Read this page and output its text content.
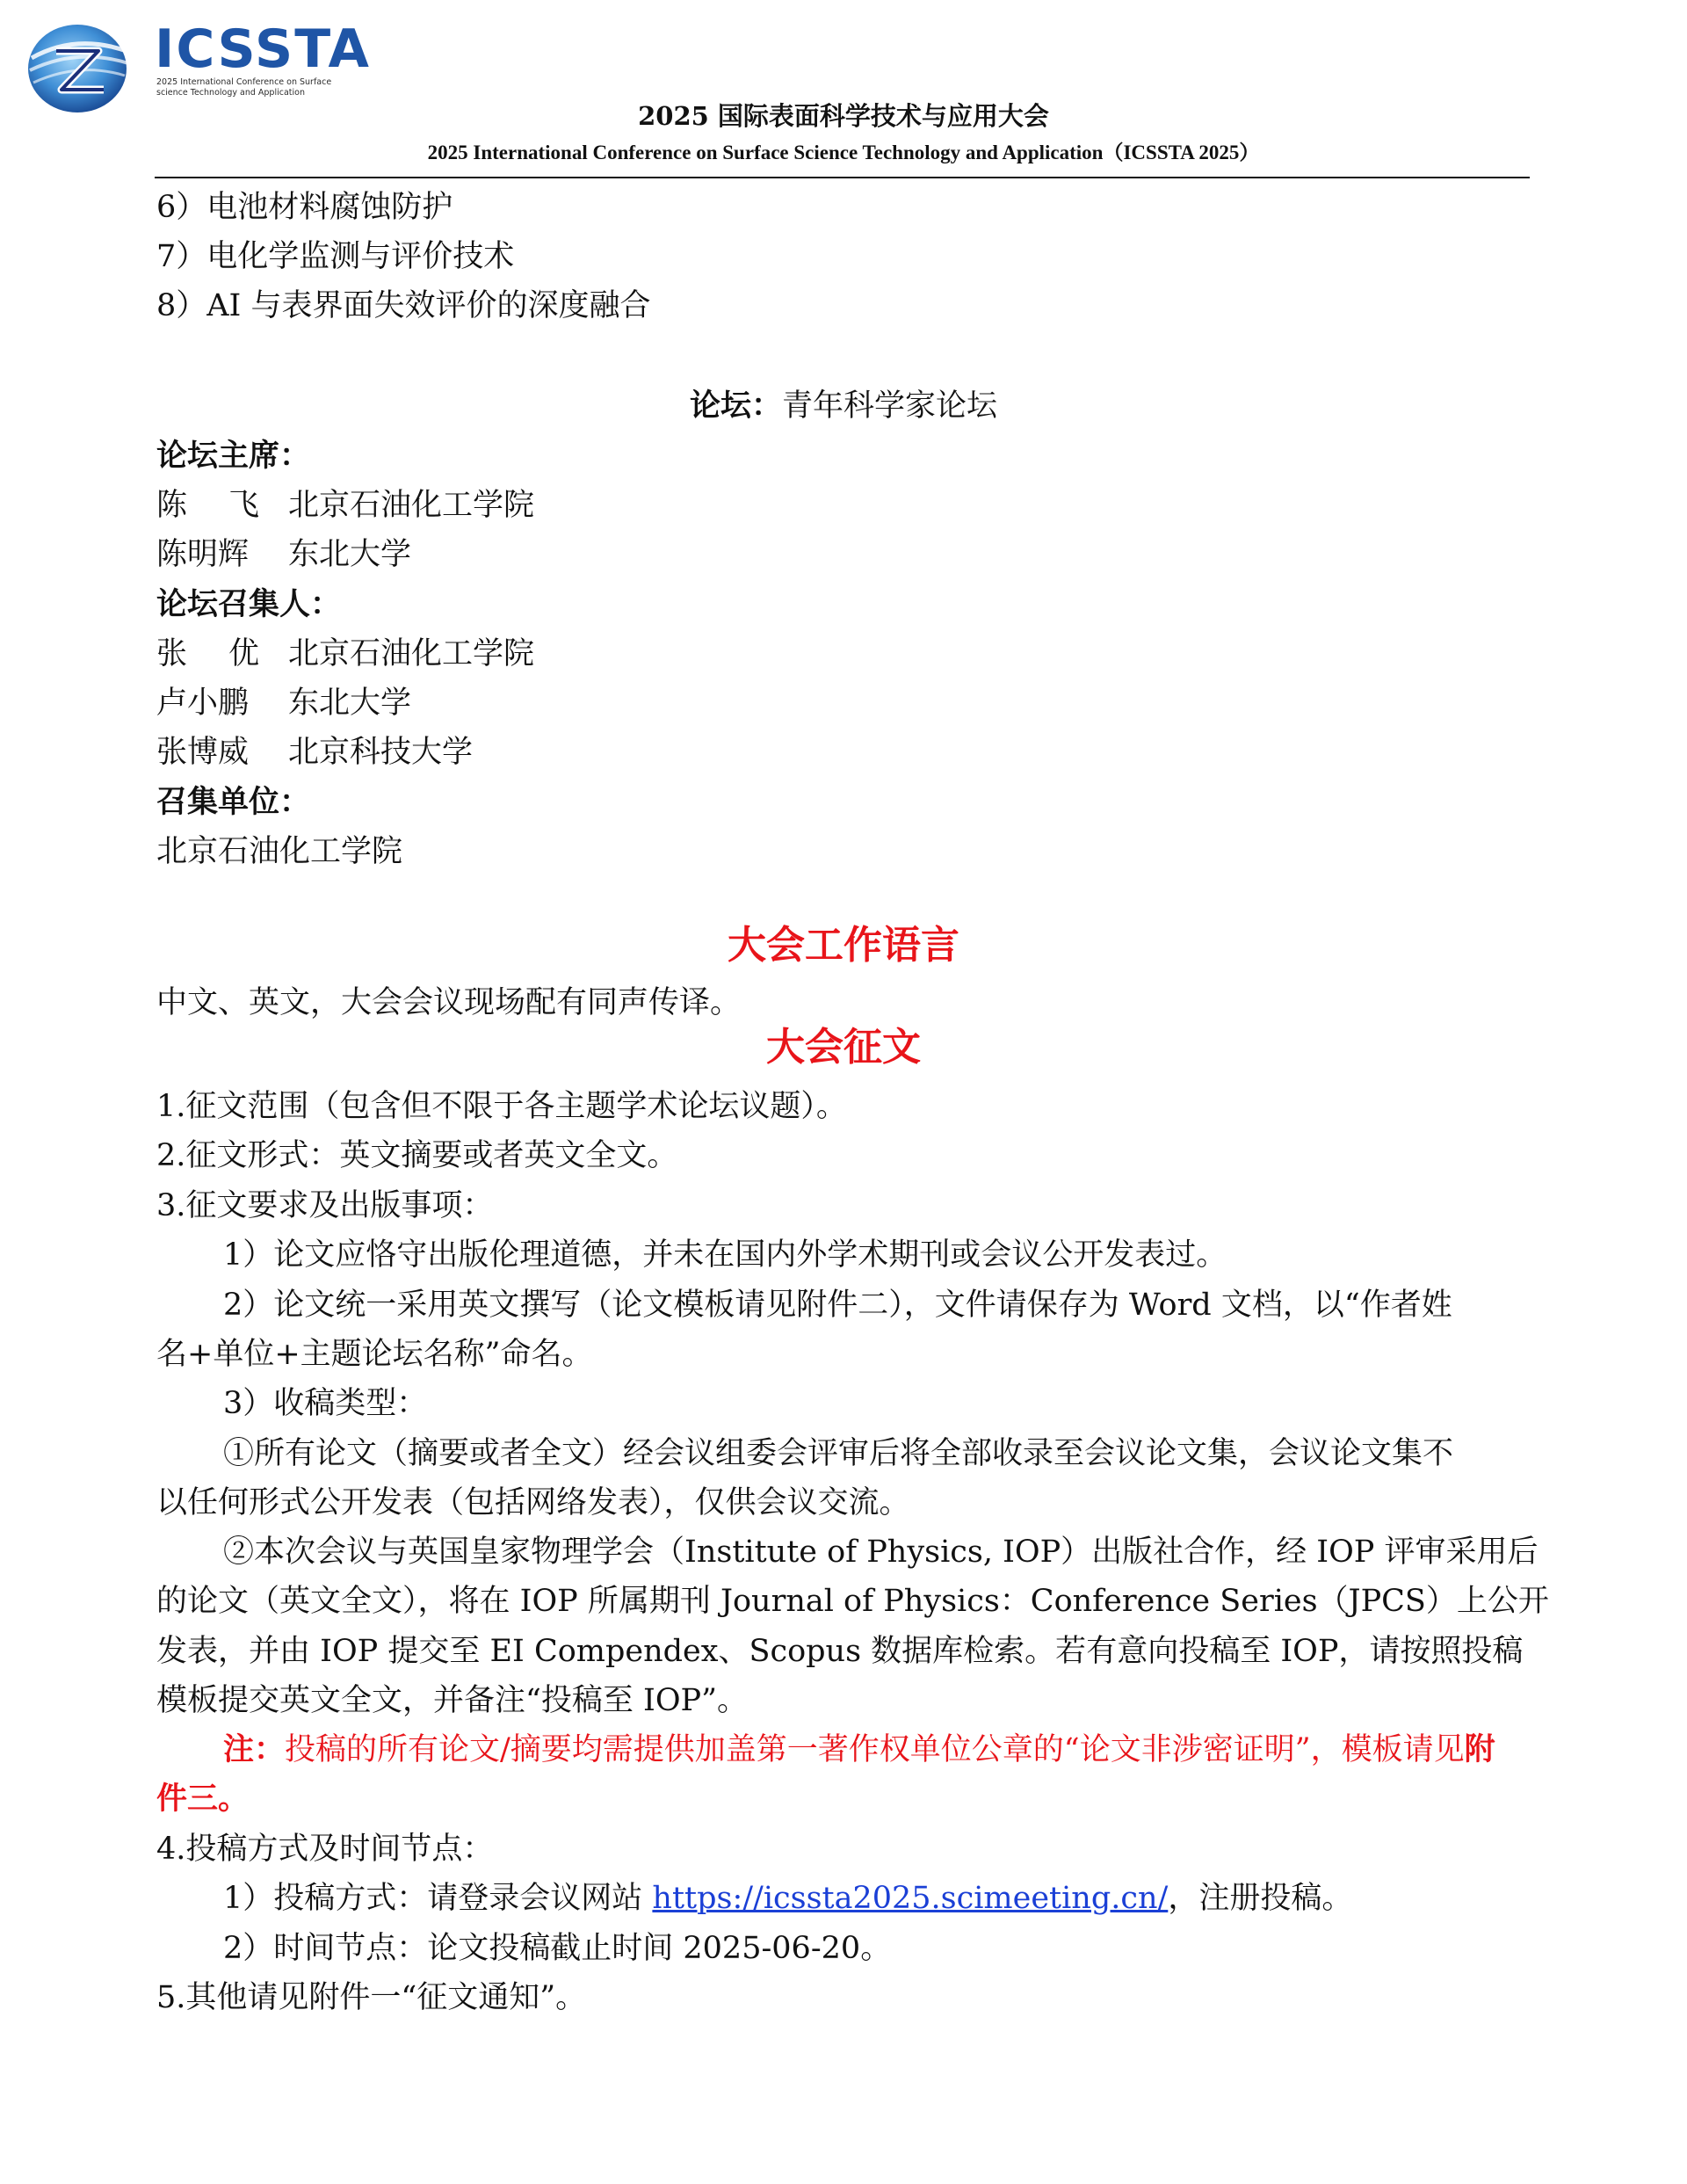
ICSSTA
2025 International Conference on Surface
science Technology and Application
2025 国际表面科学技术与应用大会
2025 International Conference on Surface Science Technology and Application（ICSSTA 2025）
6）电池材料腐蚀防护
7）电化学监测与评价技术
8）AI 与表界面失效评价的深度融合
论坛：青年科学家论坛
论坛主席：
陈 飞 北京石油化工学院
陈明辉 东北大学
论坛召集人：
张 优 北京石油化工学院
卢小鹏 东北大学
张博威 北京科技大学
召集单位：
北京石油化工学院
大会工作语言
中文、英文，大会会议现场配有同声传译。
大会征文
1.征文范围（包含但不限于各主题学术论坛议题）。
2.征文形式：英文摘要或者英文全文。
3.征文要求及出版事项：
1）论文应恪守出版伦理道德，并未在国内外学术期刊或会议公开发表过。
2）论文统一采用英文撰写（论文模板请见附件二），文件请保存为 Word 文档，以“作者姓
名+单位+主题论坛名称”命名。
3）收稿类型：
①所有论文（摘要或者全文）经会议组委会评审后将全部收录至会议论文集，会议论文集不
以任何形式公开发表（包括网络发表），仅供会议交流。
②本次会议与英国皇家物理学会（Institute of Physics, IOP）出版社合作，经 IOP 评审采用后
的论文（英文全文），将在 IOP 所属期刊 Journal of Physics：Conference Series（JPCS）上公开
发表，并由 IOP 提交至 EI Compendex、Scopus 数据库检索。若有意向投稿至 IOP，请按照投稿
模板提交英文全文，并备注“投稿至 IOP”。
注：投稿的所有论文/摘要均需提供加盖第一著作权单位公章的“论文非涉密证明”，模板请见附
件三。
4.投稿方式及时间节点：
1）投稿方式：请登录会议网站 https://icssta2025.scimeeting.cn/，注册投稿。
2）时间节点：论文投稿截止时间 2025-06-20。
5.其他请见附件一“征文通知”。
